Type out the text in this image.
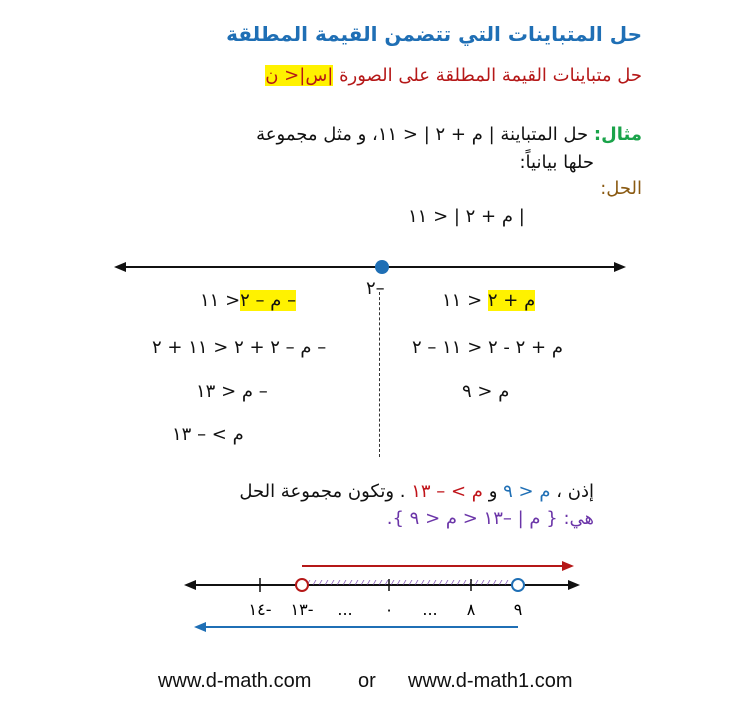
حل المتباينات التي تتضمن القيمة المطلقة
حل متباينات القيمة المطلقة على الصورة |س|< ن
مثال: حل المتباينة | م + ٢ | < ١١، و مثل مجموعة
حلها بيانياً:
الحل:
| م + ٢ | < ١١
٢–
م + ٢ < ١١
م + ٢ - ٢ < ١١ – ٢
م < ٩
– م – ٢< ١١
– م – ٢ + ٢ < ١١ + ٢
– م < ١٣
م > – ١٣
إذن ، م < ٩ و م > – ١٣ . وتكون مجموعة الحل
هي: { م | –١٣ < م < ٩ }.
١٤- ١٣- ... ٠ ... ٨ ٩
www.d-math.com or www.d-math1.com
